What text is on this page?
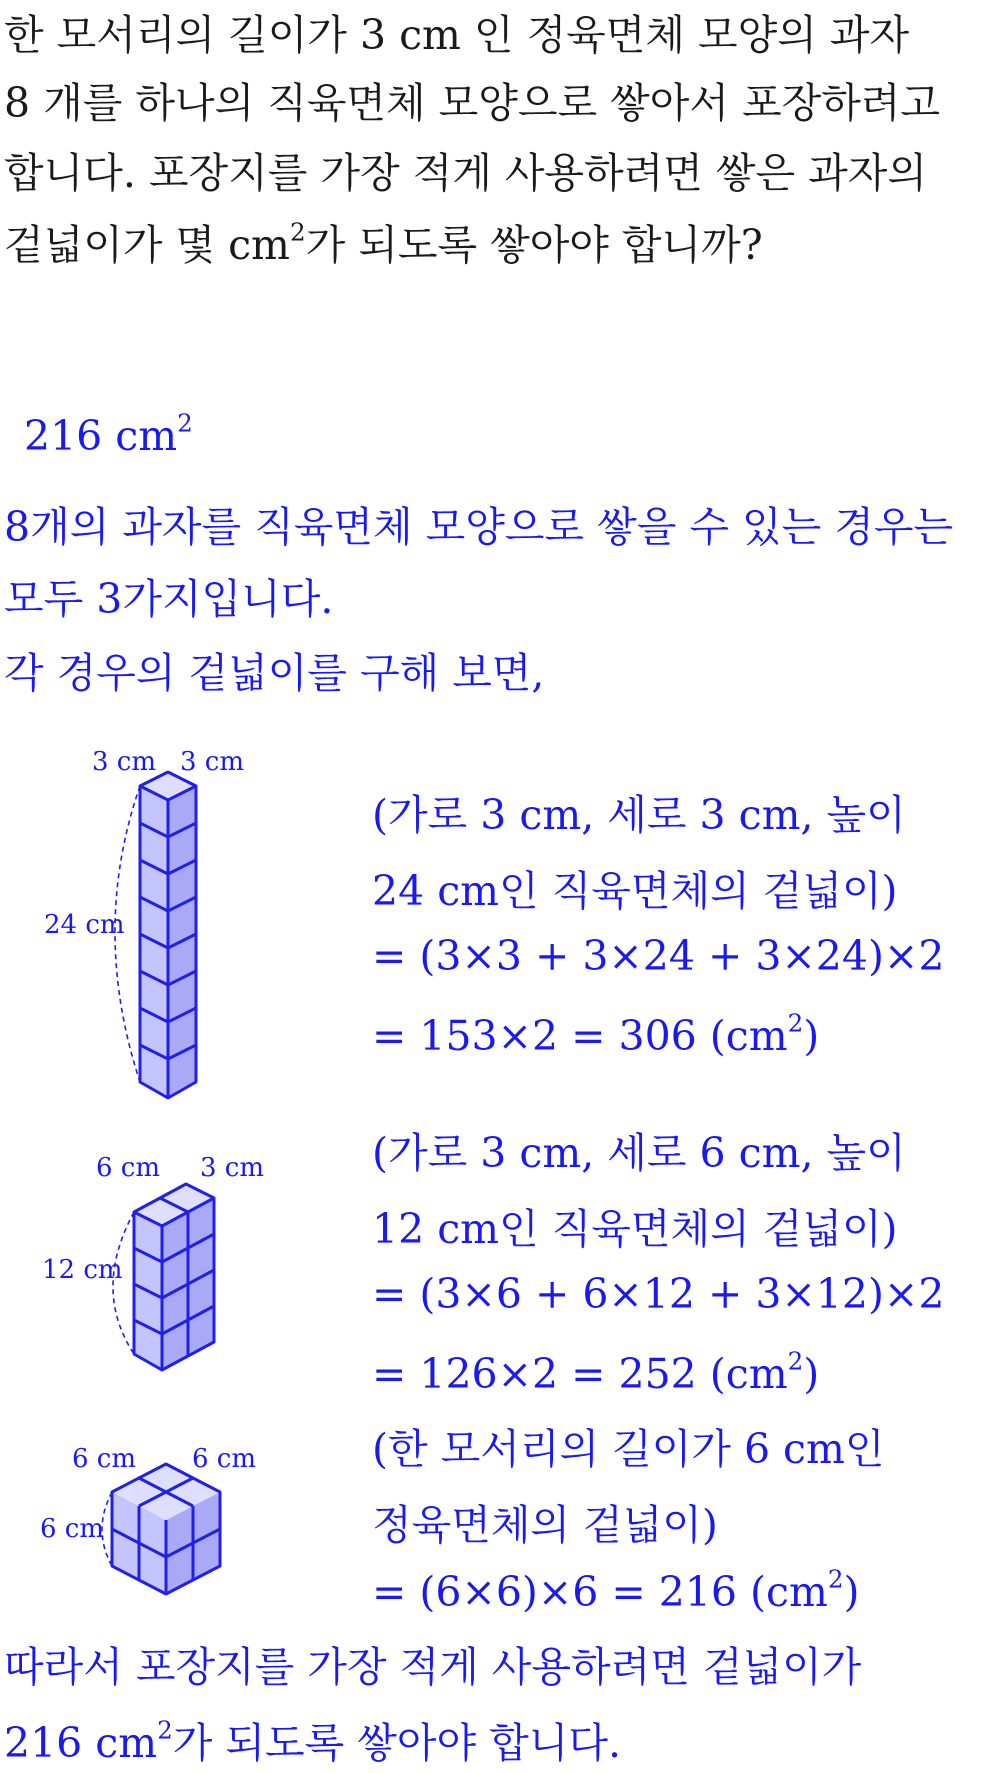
한 모서리의 길이가 3 cm 인 정육면체 모양의 과자
8 개를 하나의 직육면체 모양으로 쌓아서 포장하려고
합니다. 포장지를 가장 적게 사용하려면 쌓은 과자의
겉넓이가 몇 $cm^2$가 되도록 쌓아야 합니까?
216 $cm^2$
8개의 과자를 직육면체 모양으로 쌓을 수 있는 경우는
모두 3가지입니다.
각 경우의 겉넓이를 구해 보면,
3 cm 3 cm
24 cm
(가로 3 cm, 세로 3 cm, 높이
24 cm인 직육면체의 겉넓이)
= (3×3 + 3×24 + 3×24)×2
= 153×2 = 306 $(cm^2)$
6 cm 3 cm
12 cm
(가로 3 cm, 세로 6 cm, 높이
12 cm인 직육면체의 겉넓이)
= (3×6 + 6×12 + 3×12)×2
= 126×2 = 252 $(cm^2)$
6 cm 6 cm
6 cm
(한 모서리의 길이가 6 cm인
정육면체의 겉넓이)
= (6×6)×6 = 216 $(cm^2)$
따라서 포장지를 가장 적게 사용하려면 겉넓이가
216 $cm^2$가 되도록 쌓아야 합니다.
